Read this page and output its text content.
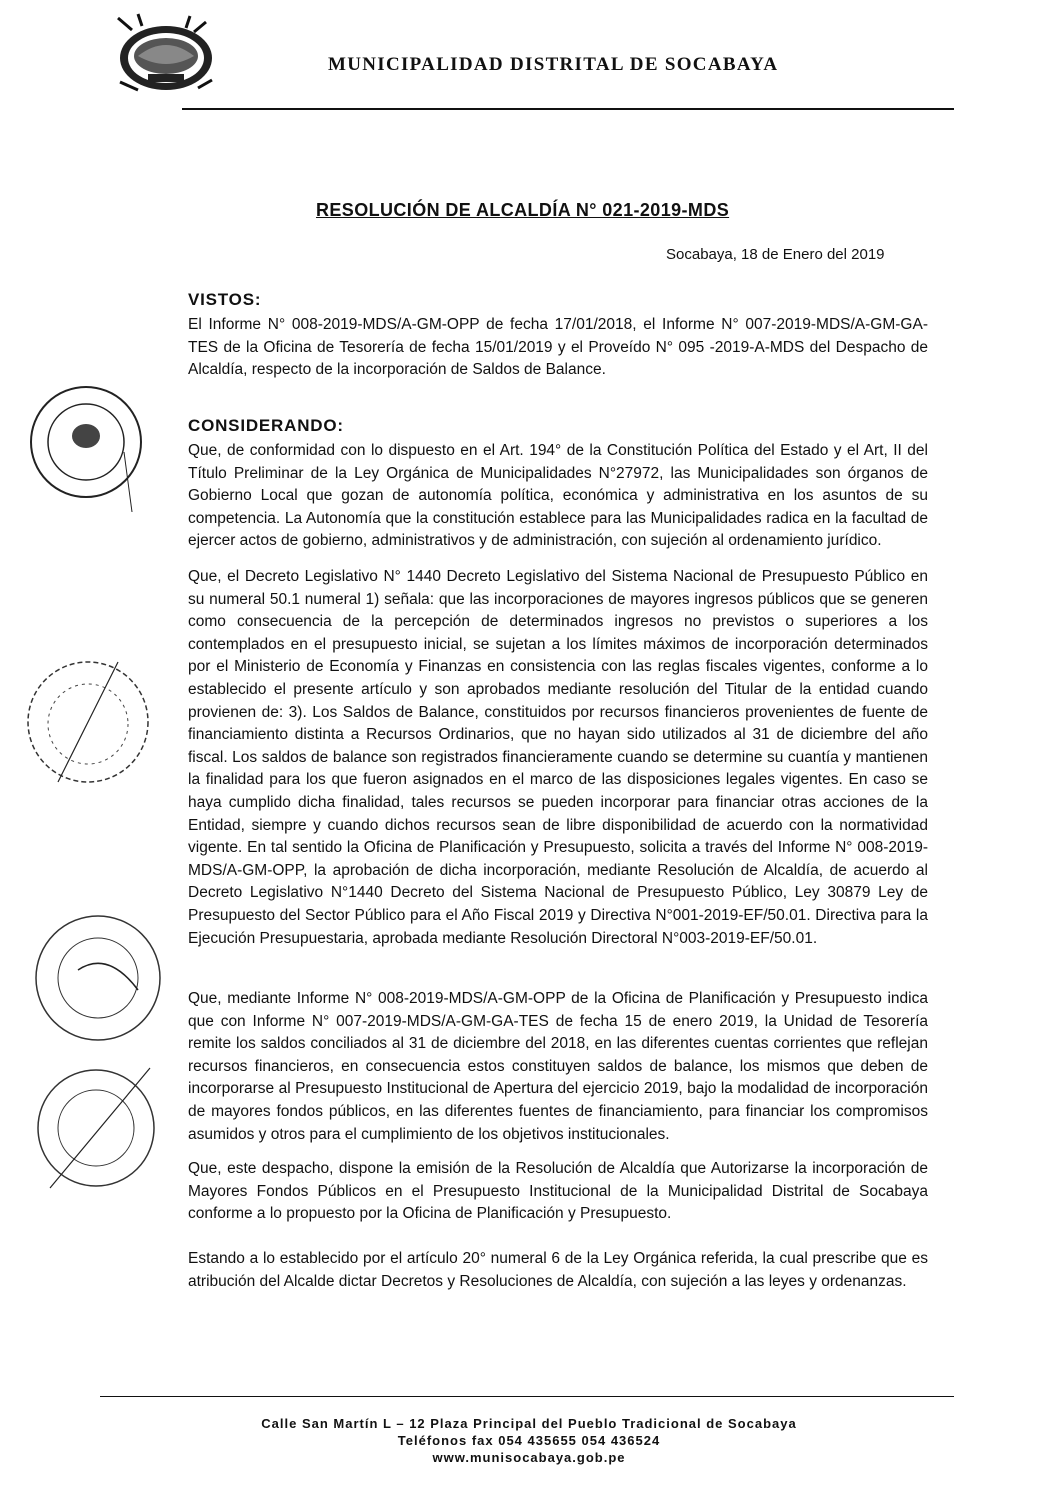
MUNICIPALIDAD DISTRITAL DE SOCABAYA
RESOLUCIÓN DE ALCALDÍA N° 021-2019-MDS
Socabaya, 18 de Enero del 2019
VISTOS:
El Informe N° 008-2019-MDS/A-GM-OPP de fecha 17/01/2018, el Informe N° 007-2019-MDS/A-GM-GA-TES de la Oficina de Tesorería de fecha 15/01/2019 y el Proveído N° 095 -2019-A-MDS del Despacho de Alcaldía, respecto de la incorporación de Saldos de Balance.
CONSIDERANDO:
Que, de conformidad con lo dispuesto en el Art. 194° de la Constitución Política del Estado y el Art, II del Título Preliminar de la Ley Orgánica de Municipalidades N°27972, las Municipalidades son órganos de Gobierno Local que gozan de autonomía política, económica y administrativa en los asuntos de su competencia. La Autonomía que la constitución establece para las Municipalidades radica en la facultad de ejercer actos de gobierno, administrativos y de administración, con sujeción al ordenamiento jurídico.
Que, el Decreto Legislativo N° 1440 Decreto Legislativo del Sistema Nacional de Presupuesto Público en su numeral 50.1 numeral 1) señala: que las incorporaciones de mayores ingresos públicos que se generen como consecuencia de la percepción de determinados ingresos no previstos o superiores a los contemplados en el presupuesto inicial, se sujetan a los límites máximos de incorporación determinados por el Ministerio de Economía y Finanzas en consistencia con las reglas fiscales vigentes, conforme a lo establecido el presente artículo y son aprobados mediante resolución del Titular de la entidad cuando provienen de: 3). Los Saldos de Balance, constituidos por recursos financieros provenientes de fuente de financiamiento distinta a Recursos Ordinarios, que no hayan sido utilizados al 31 de diciembre del año fiscal. Los saldos de balance son registrados financieramente cuando se determine su cuantía y mantienen la finalidad para los que fueron asignados en el marco de las disposiciones legales vigentes. En caso se haya cumplido dicha finalidad, tales recursos se pueden incorporar para financiar otras acciones de la Entidad, siempre y cuando dichos recursos sean de libre disponibilidad de acuerdo con la normatividad vigente. En tal sentido la Oficina de Planificación y Presupuesto, solicita a través del Informe N° 008-2019-MDS/A-GM-OPP, la aprobación de dicha incorporación, mediante Resolución de Alcaldía, de acuerdo al Decreto Legislativo N°1440 Decreto del Sistema Nacional de Presupuesto Público, Ley 30879 Ley de Presupuesto del Sector Público para el Año Fiscal 2019 y Directiva N°001-2019-EF/50.01. Directiva para la Ejecución Presupuestaria, aprobada mediante Resolución Directoral N°003-2019-EF/50.01.
Que, mediante Informe N° 008-2019-MDS/A-GM-OPP de la Oficina de Planificación y Presupuesto indica que con Informe N° 007-2019-MDS/A-GM-GA-TES de fecha 15 de enero 2019, la Unidad de Tesorería remite los saldos conciliados al 31 de diciembre del 2018, en las diferentes cuentas corrientes que reflejan recursos financieros, en consecuencia estos constituyen saldos de balance, los mismos que deben de incorporarse al Presupuesto Institucional de Apertura del ejercicio 2019, bajo la modalidad de incorporación de mayores fondos públicos, en las diferentes fuentes de financiamiento, para financiar los compromisos asumidos y otros para el cumplimiento de los objetivos institucionales.
Que, este despacho, dispone la emisión de la Resolución de Alcaldía que Autorizarse la incorporación de Mayores Fondos Públicos en el Presupuesto Institucional de la Municipalidad Distrital de Socabaya conforme a lo propuesto por la Oficina de Planificación y Presupuesto.
Estando a lo establecido por el artículo 20° numeral 6 de la Ley Orgánica referida, la cual prescribe que es atribución del Alcalde dictar Decretos y Resoluciones de Alcaldía, con sujeción a las leyes y ordenanzas.
Calle San Martín L – 12 Plaza Principal del Pueblo Tradicional de Socabaya
Teléfonos fax 054 435655 054 436524
www.munisocabaya.gob.pe
